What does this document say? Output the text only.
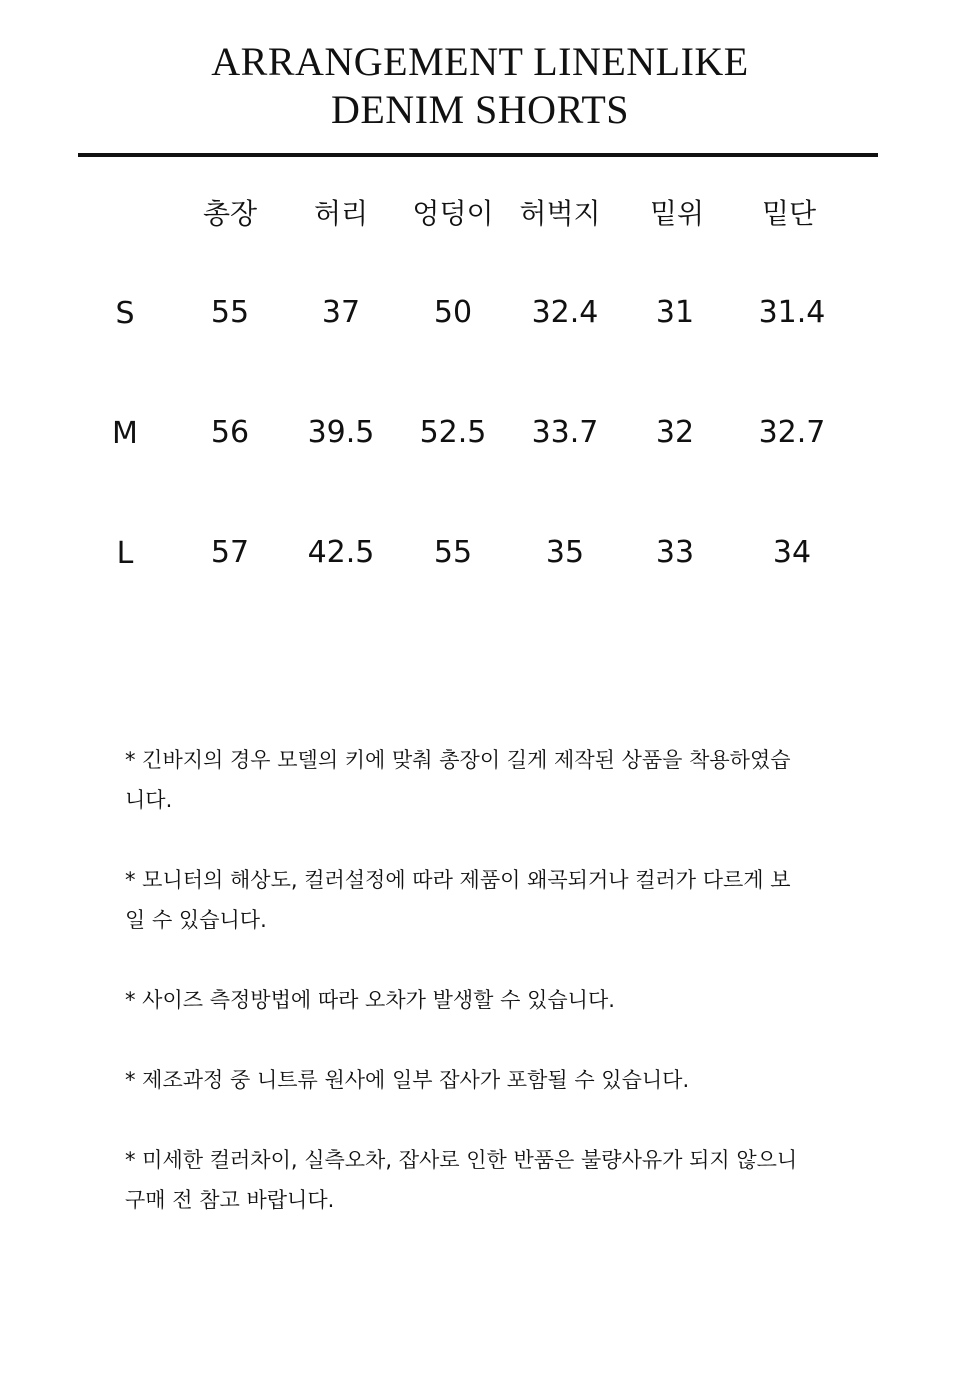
ARRANGEMENT LINENLIKE
DENIM SHORTS
총장	허리	엉덩이 허벅지	밑위	밑단
S	55	37	50	32.4	31	31.4
M	56	39.5	52.5	33.7	32	32.7
L	57	42.5	55	35	33	34
* 긴바지의 경우 모델의 키에 맞춰 총장이 길게 제작된 상품을 착용하였습
니다.
* 모니터의 해상도, 컬러설정에 따라 제품이 왜곡되거나 컬러가 다르게 보
일 수 있습니다.
* 사이즈 측정방법에 따라 오차가 발생할 수 있습니다.
* 제조과정 중 니트류 원사에 일부 잡사가 포함될 수 있습니다.
* 미세한 컬러차이, 실측오차, 잡사로 인한 반품은 불량사유가 되지 않으니
구매 전 참고 바랍니다.
